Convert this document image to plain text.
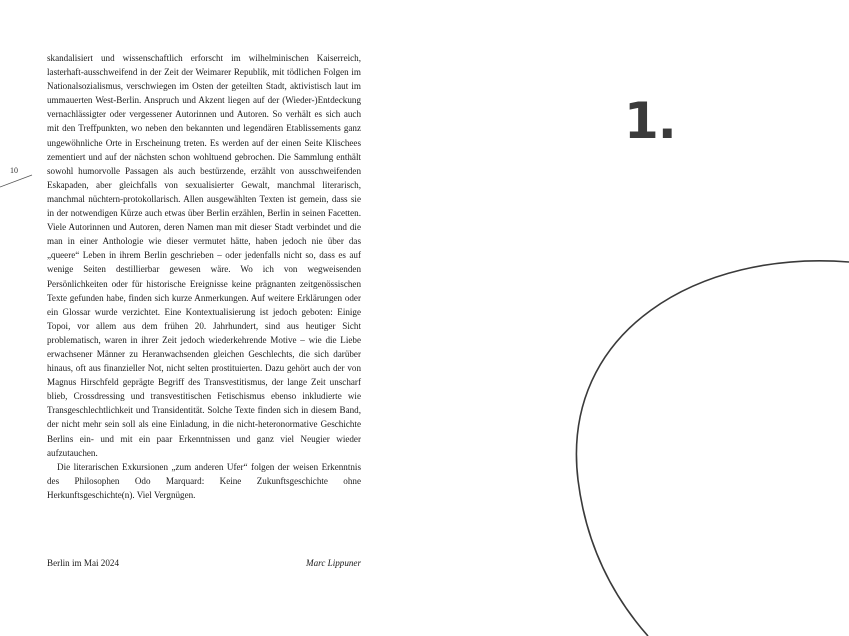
10

skandalisiert und wissenschaftlich erforscht im wilhelminischen Kaiserreich, lasterhaft-ausschweifend in der Zeit der Weimarer Republik, mit tödlichen Folgen im Nationalsozialismus, verschwiegen im Osten der geteilten Stadt, aktivistisch laut im ummauerten West-Berlin. Anspruch und Akzent liegen auf der (Wieder-)Entdeckung vernachlässigter oder vergessener Autorinnen und Autoren. So verhält es sich auch mit den Treffpunkten, wo neben den bekannten und legendären Etablissements ganz ungewöhnliche Orte in Erscheinung treten. Es werden auf der einen Seite Klischees zementiert und auf der nächsten schon wohltuend gebrochen. Die Sammlung enthält sowohl humorvolle Passagen als auch bestürzende, erzählt von ausschweifenden Eskapaden, aber gleichfalls von sexualisierter Gewalt, manchmal literarisch, manchmal nüchtern-protokollarisch. Allen ausgewählten Texten ist gemein, dass sie in der notwendigen Kürze auch etwas über Berlin erzählen, Berlin in seinen Facetten. Viele Autorinnen und Autoren, deren Namen man mit dieser Stadt verbindet und die man in einer Anthologie wie dieser vermutet hätte, haben jedoch nie über das „queere“ Leben in ihrem Berlin geschrieben – oder jedenfalls nicht so, dass es auf wenige Seiten destillierbar gewesen wäre. Wo ich von wegweisenden Persönlichkeiten oder für historische Ereignisse keine prägnanten zeitgenössischen Texte gefunden habe, finden sich kurze Anmerkungen. Auf weitere Erklärungen oder ein Glossar wurde verzichtet. Eine Kontextualisierung ist jedoch geboten: Einige Topoi, vor allem aus dem frühen 20. Jahrhundert, sind aus heutiger Sicht problematisch, waren in ihrer Zeit jedoch wiederkehrende Motive – wie die Liebe erwachsener Männer zu Heranwachsenden gleichen Geschlechts, die sich darüber hinaus, oft aus finanzieller Not, nicht selten prostituierten. Dazu gehört auch der von Magnus Hirschfeld geprägte Begriff des Transvestitismus, der lange Zeit unscharf blieb, Crossdressing und transvestitischen Fetischismus ebenso inkludierte wie Transgeschlechtlichkeit und Transidentität. Solche Texte finden sich in diesem Band, der nicht mehr sein soll als eine Einladung, in die nicht-heteronormative Geschichte Berlins ein- und mit ein paar Erkenntnissen und ganz viel Neugier wieder aufzutauchen.

Die literarischen Exkursionen „zum anderen Ufer“ folgen der weisen Erkenntnis des Philosophen Odo Marquard: Keine Zukunftsgeschichte ohne Herkunftsgeschichte(n). Viel Vergnügen.

Berlin im Mai 2024	Marc Lippuner
1.
